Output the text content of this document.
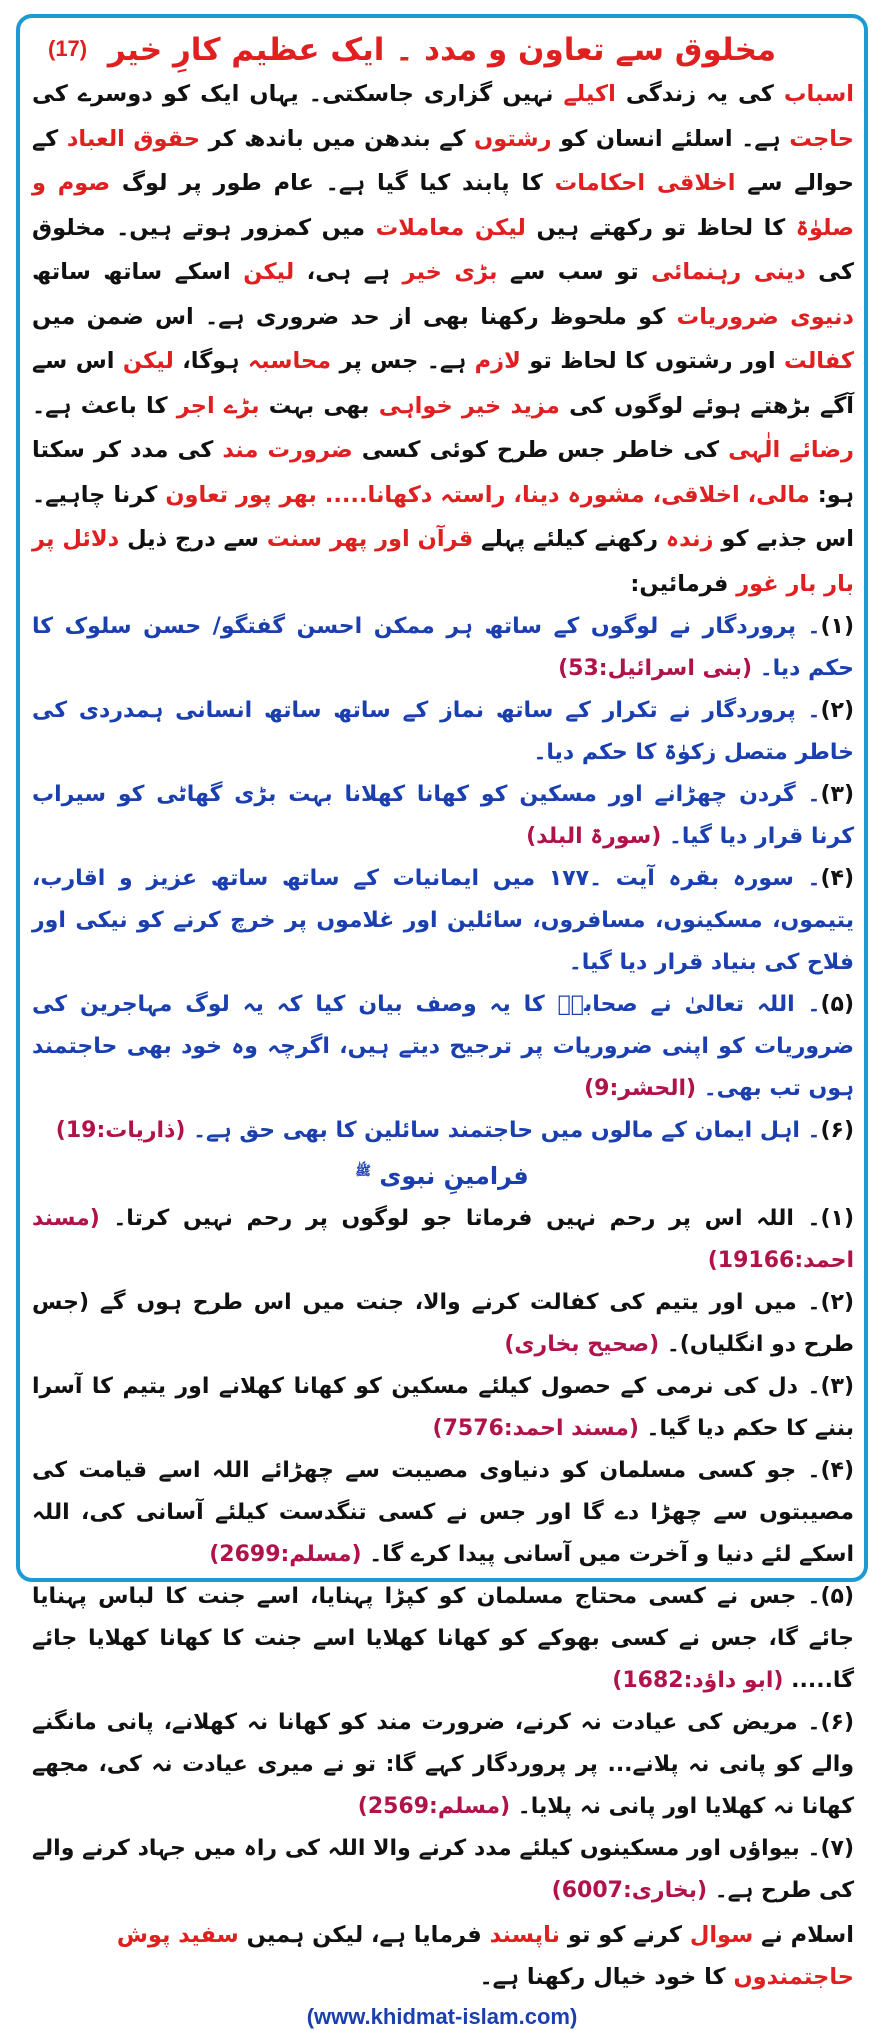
(17) مخلوق سے تعاون و مدد ۔ ایک عظیم کارِ خیر
اسباب کی یہ زندگی اکیلے نہیں گزاری جاسکتی۔ یہاں ایک کو دوسرے کی حاجت ہے۔ اسلئے انسان کو رشتوں کے بندھن میں باندھ کر حقوق العباد کے حوالے سے اخلاقی احکامات کا پابند کیا گیا ہے۔ عام طور پر لوگ صوم و صلوٰۃ کا لحاظ تو رکھتے ہیں لیکن معاملات میں کمزور ہوتے ہیں۔ مخلوق کی دینی رہنمائی تو سب سے بڑی خیر ہے ہی، لیکن اسکے ساتھ ساتھ دنیوی ضروریات کو ملحوظ رکھنا بھی از حد ضروری ہے۔ اس ضمن میں کفالت اور رشتوں کا لحاظ تو لازم ہے۔ جس پر محاسبہ ہوگا، لیکن اس سے آگے بڑھتے ہوئے لوگوں کی مزید خیر خواہی بھی بہت بڑے اجر کا باعث ہے۔ رضائے الٰہی کی خاطر جس طرح کوئی کسی ضرورت مند کی مدد کر سکتا ہو: مالی، اخلاقی، مشورہ دینا، راستہ دکھانا..... بھر پور تعاون کرنا چاہیے۔ اس جذبے کو زندہ رکھنے کیلئے پہلے قرآن اور پھر سنت سے درج ذیل دلائل پر بار بار غور فرمائیں:
(۱)۔ پروردگار نے لوگوں کے ساتھ ہر ممکن احسن گفتگو/ حسن سلوک کا حکم دیا۔ (بنی اسرائیل:53)
(۲)۔ پروردگار نے تکرار کے ساتھ نماز کے ساتھ ساتھ انسانی ہمدردی کی خاطر متصل زکوٰۃ کا حکم دیا۔
(۳)۔ گردن چھڑانے اور مسکین کو کھانا کھلانا بہت بڑی گھاٹی کو سیراب کرنا قرار دیا گیا۔ (سورۃ البلد)
(۴)۔ سورہ بقرہ آیت ۔۱۷۷ میں ایمانیات کے ساتھ ساتھ عزیز و اقارب، یتیموں، مسکینوں، مسافروں، سائلین اور غلاموں پر خرچ کرنے کو نیکی اور فلاح کی بنیاد قرار دیا گیا۔
(۵)۔ اللہ تعالیٰ نے صحابہؓ کا یہ وصف بیان کیا کہ یہ لوگ مہاجرین کی ضروریات کو اپنی ضروریات پر ترجیح دیتے ہیں، اگرچہ وہ خود بھی حاجتمند ہوں تب بھی۔ (الحشر:9)
(۶)۔ اہل ایمان کے مالوں میں حاجتمند سائلین کا بھی حق ہے۔ (ذاریات:19)
فرامینِ نبوی $^ﷺ$
(۱)۔ اللہ اس پر رحم نہیں فرماتا جو لوگوں پر رحم نہیں کرتا۔ (مسند احمد:19166)
(۲)۔ میں اور یتیم کی کفالت کرنے والا، جنت میں اس طرح ہوں گے (جس طرح دو انگلیاں)۔ (صحیح بخاری)
(۳)۔ دل کی نرمی کے حصول کیلئے مسکین کو کھانا کھلانے اور یتیم کا آسرا بننے کا حکم دیا گیا۔ (مسند احمد:7576)
(۴)۔ جو کسی مسلمان کو دنیاوی مصیبت سے چھڑائے اللہ اسے قیامت کی مصیبتوں سے چھڑا دے گا اور جس نے کسی تنگدست کیلئے آسانی کی، اللہ اسکے لئے دنیا و آخرت میں آسانی پیدا کرے گا۔ (مسلم:2699)
(۵)۔ جس نے کسی محتاج مسلمان کو کپڑا پہنایا، اسے جنت کا لباس پہنایا جائے گا، جس نے کسی بھوکے کو کھانا کھلایا اسے جنت کا کھانا کھلایا جائے گا..... (ابو داؤد:1682)
(۶)۔ مریض کی عیادت نہ کرنے، ضرورت مند کو کھانا نہ کھلانے، پانی مانگنے والے کو پانی نہ پلانے... پر پروردگار کہے گا: تو نے میری عیادت نہ کی، مجھے کھانا نہ کھلایا اور پانی نہ پلایا۔ (مسلم:2569)
(۷)۔ بیواؤں اور مسکینوں کیلئے مدد کرنے والا اللہ کی راہ میں جہاد کرنے والے کی طرح ہے۔ (بخاری:6007)
اسلام نے سوال کرنے کو تو ناپسند فرمایا ہے، لیکن ہمیں سفید پوش حاجتمندوں کا خود خیال رکھنا ہے۔
(www.khidmat-islam.com)
